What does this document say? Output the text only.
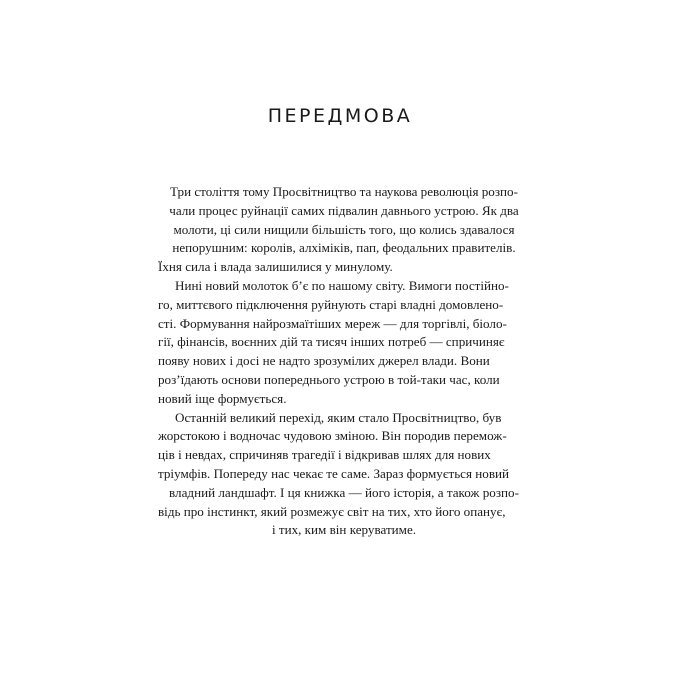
ПЕРЕДМОВА

Три століття тому Просвітництво та наукова революція розпо-
чали процес руйнації самих підвалин давнього устрою. Як два
молоти, ці сили нищили більшість того, що колись здавалося
непорушним: королів, алхіміків, пап, феодальних правителів.
Їхня сила і влада залишилися у минулому.

Нині новий молоток б’є по нашому світу. Вимоги постійно-
го, миттєвого підключення руйнують старі владні домовлено-
сті. Формування найрозмаїтіших мереж — для торгівлі, біоло-
гії, фінансів, воєнних дій та тисяч інших потреб — спричиняє
появу нових і досі не надто зрозумілих джерел влади. Вони
роз’їдають основи попереднього устрою в той-таки час, коли
новий іще формується.

Останній великий перехід, яким стало Просвітництво, був
жорстокою і водночас чудовою зміною. Він породив перемож-
ців і невдах, спричиняв трагедії і відкривав шлях для нових
тріумфів. Попереду нас чекає те саме. Зараз формується новий
владний ландшафт. І ця книжка — його історія, а також розпо-
відь про інстинкт, який розмежує світ на тих, хто його опанує,
і тих, ким він керуватиме.
